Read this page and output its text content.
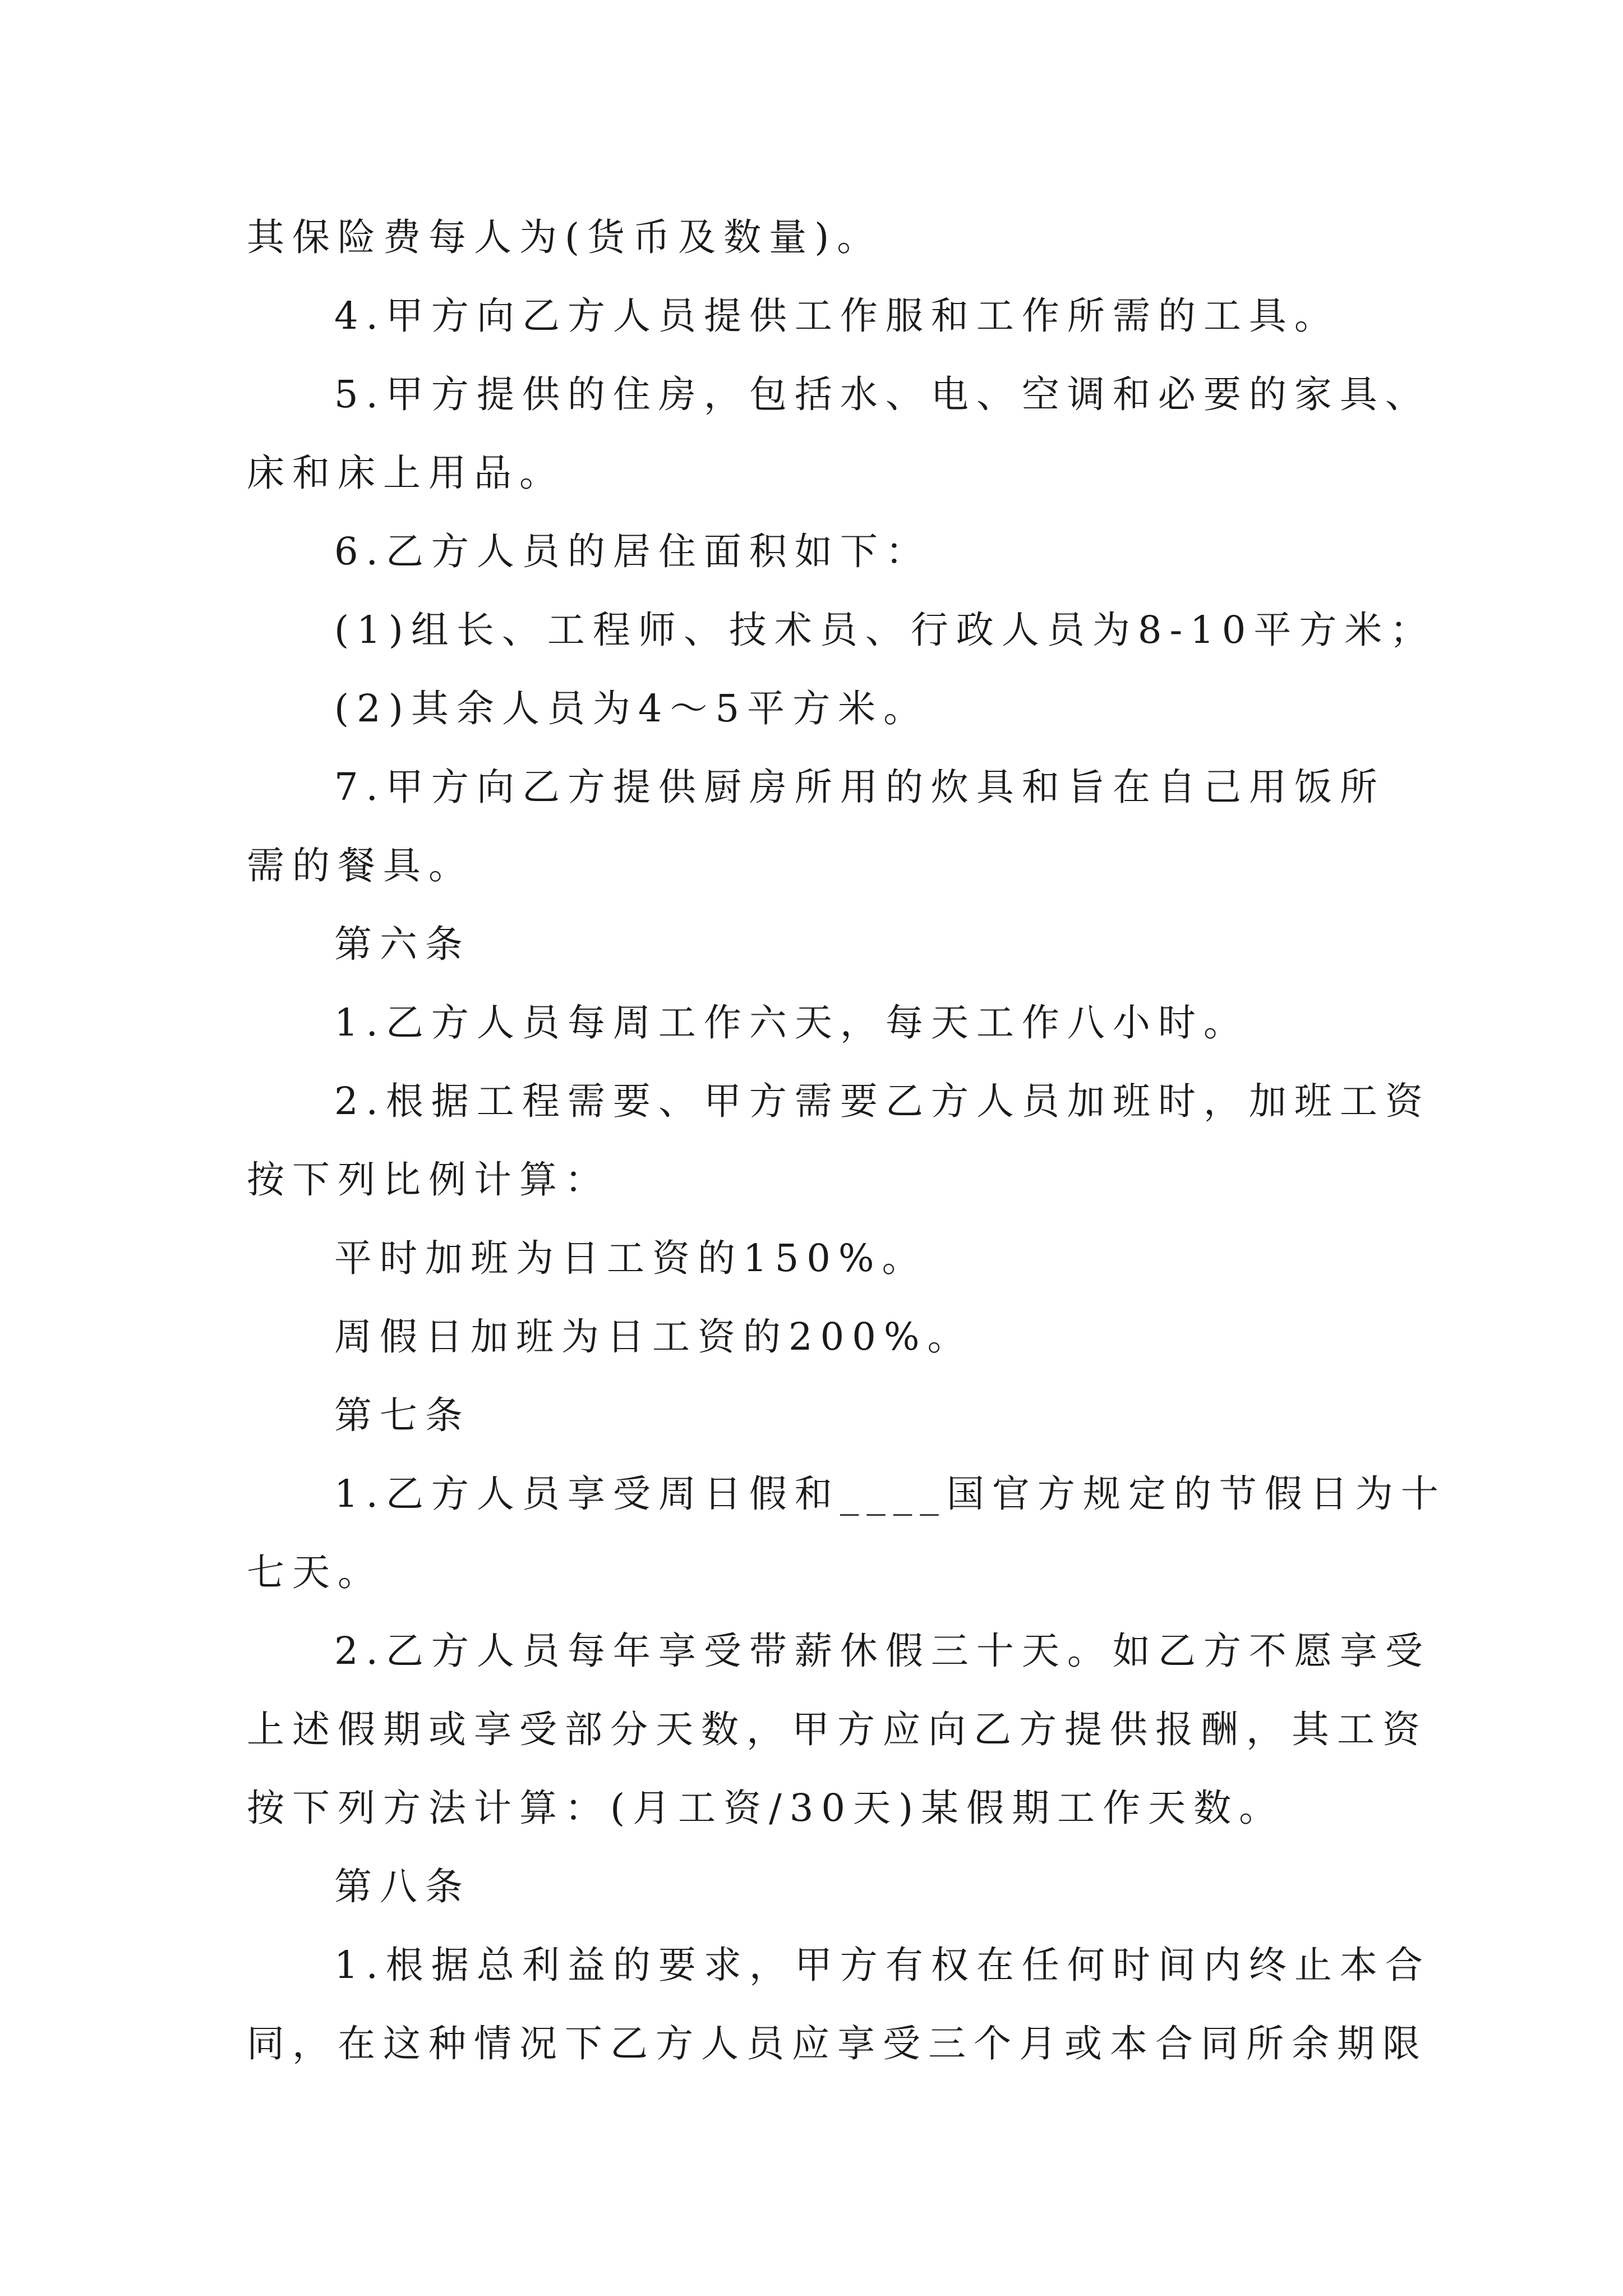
其保险费每人为(货币及数量)。
4.甲方向乙方人员提供工作服和工作所需的工具。
5.甲方提供的住房，包括水、电、空调和必要的家具、
床和床上用品。
6.乙方人员的居住面积如下：
(1)组长、工程师、技术员、行政人员为8-10平方米；
(2)其余人员为4～5平方米。
7.甲方向乙方提供厨房所用的炊具和旨在自己用饭所
需的餐具。
第六条
1.乙方人员每周工作六天，每天工作八小时。
2.根据工程需要、甲方需要乙方人员加班时，加班工资
按下列比例计算：
平时加班为日工资的150%。
周假日加班为日工资的200%。
第七条
1.乙方人员享受周日假和____国官方规定的节假日为十
七天。
2.乙方人员每年享受带薪休假三十天。如乙方不愿享受
上述假期或享受部分天数，甲方应向乙方提供报酬，其工资
按下列方法计算：(月工资/30天)某假期工作天数。
第八条
1.根据总利益的要求，甲方有权在任何时间内终止本合
同，在这种情况下乙方人员应享受三个月或本合同所余期限
